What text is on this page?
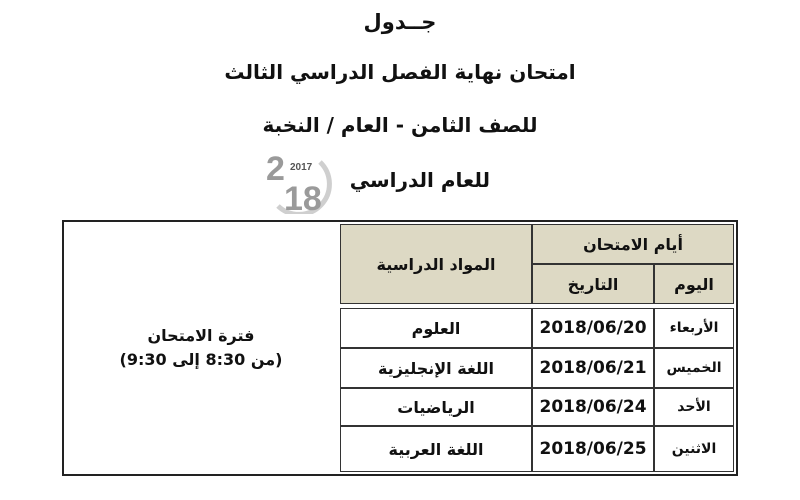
جــدول
امتحان نهاية الفصل الدراسي الثالث
للصف الثامن - العام / النخبة
2 2017
18 للعام الدراسي
أيام الامتحان
اليوم
التاريخ
المواد الدراسية
الأربعاء
2018/06/20
العلوم
الخميس
2018/06/21
اللغة الإنجليزية
الأحد
2018/06/24
الرياضيات
الاثنين
2018/06/25
اللغة العربية
فترة الامتحان
(من 8:30 إلى 9:30)
